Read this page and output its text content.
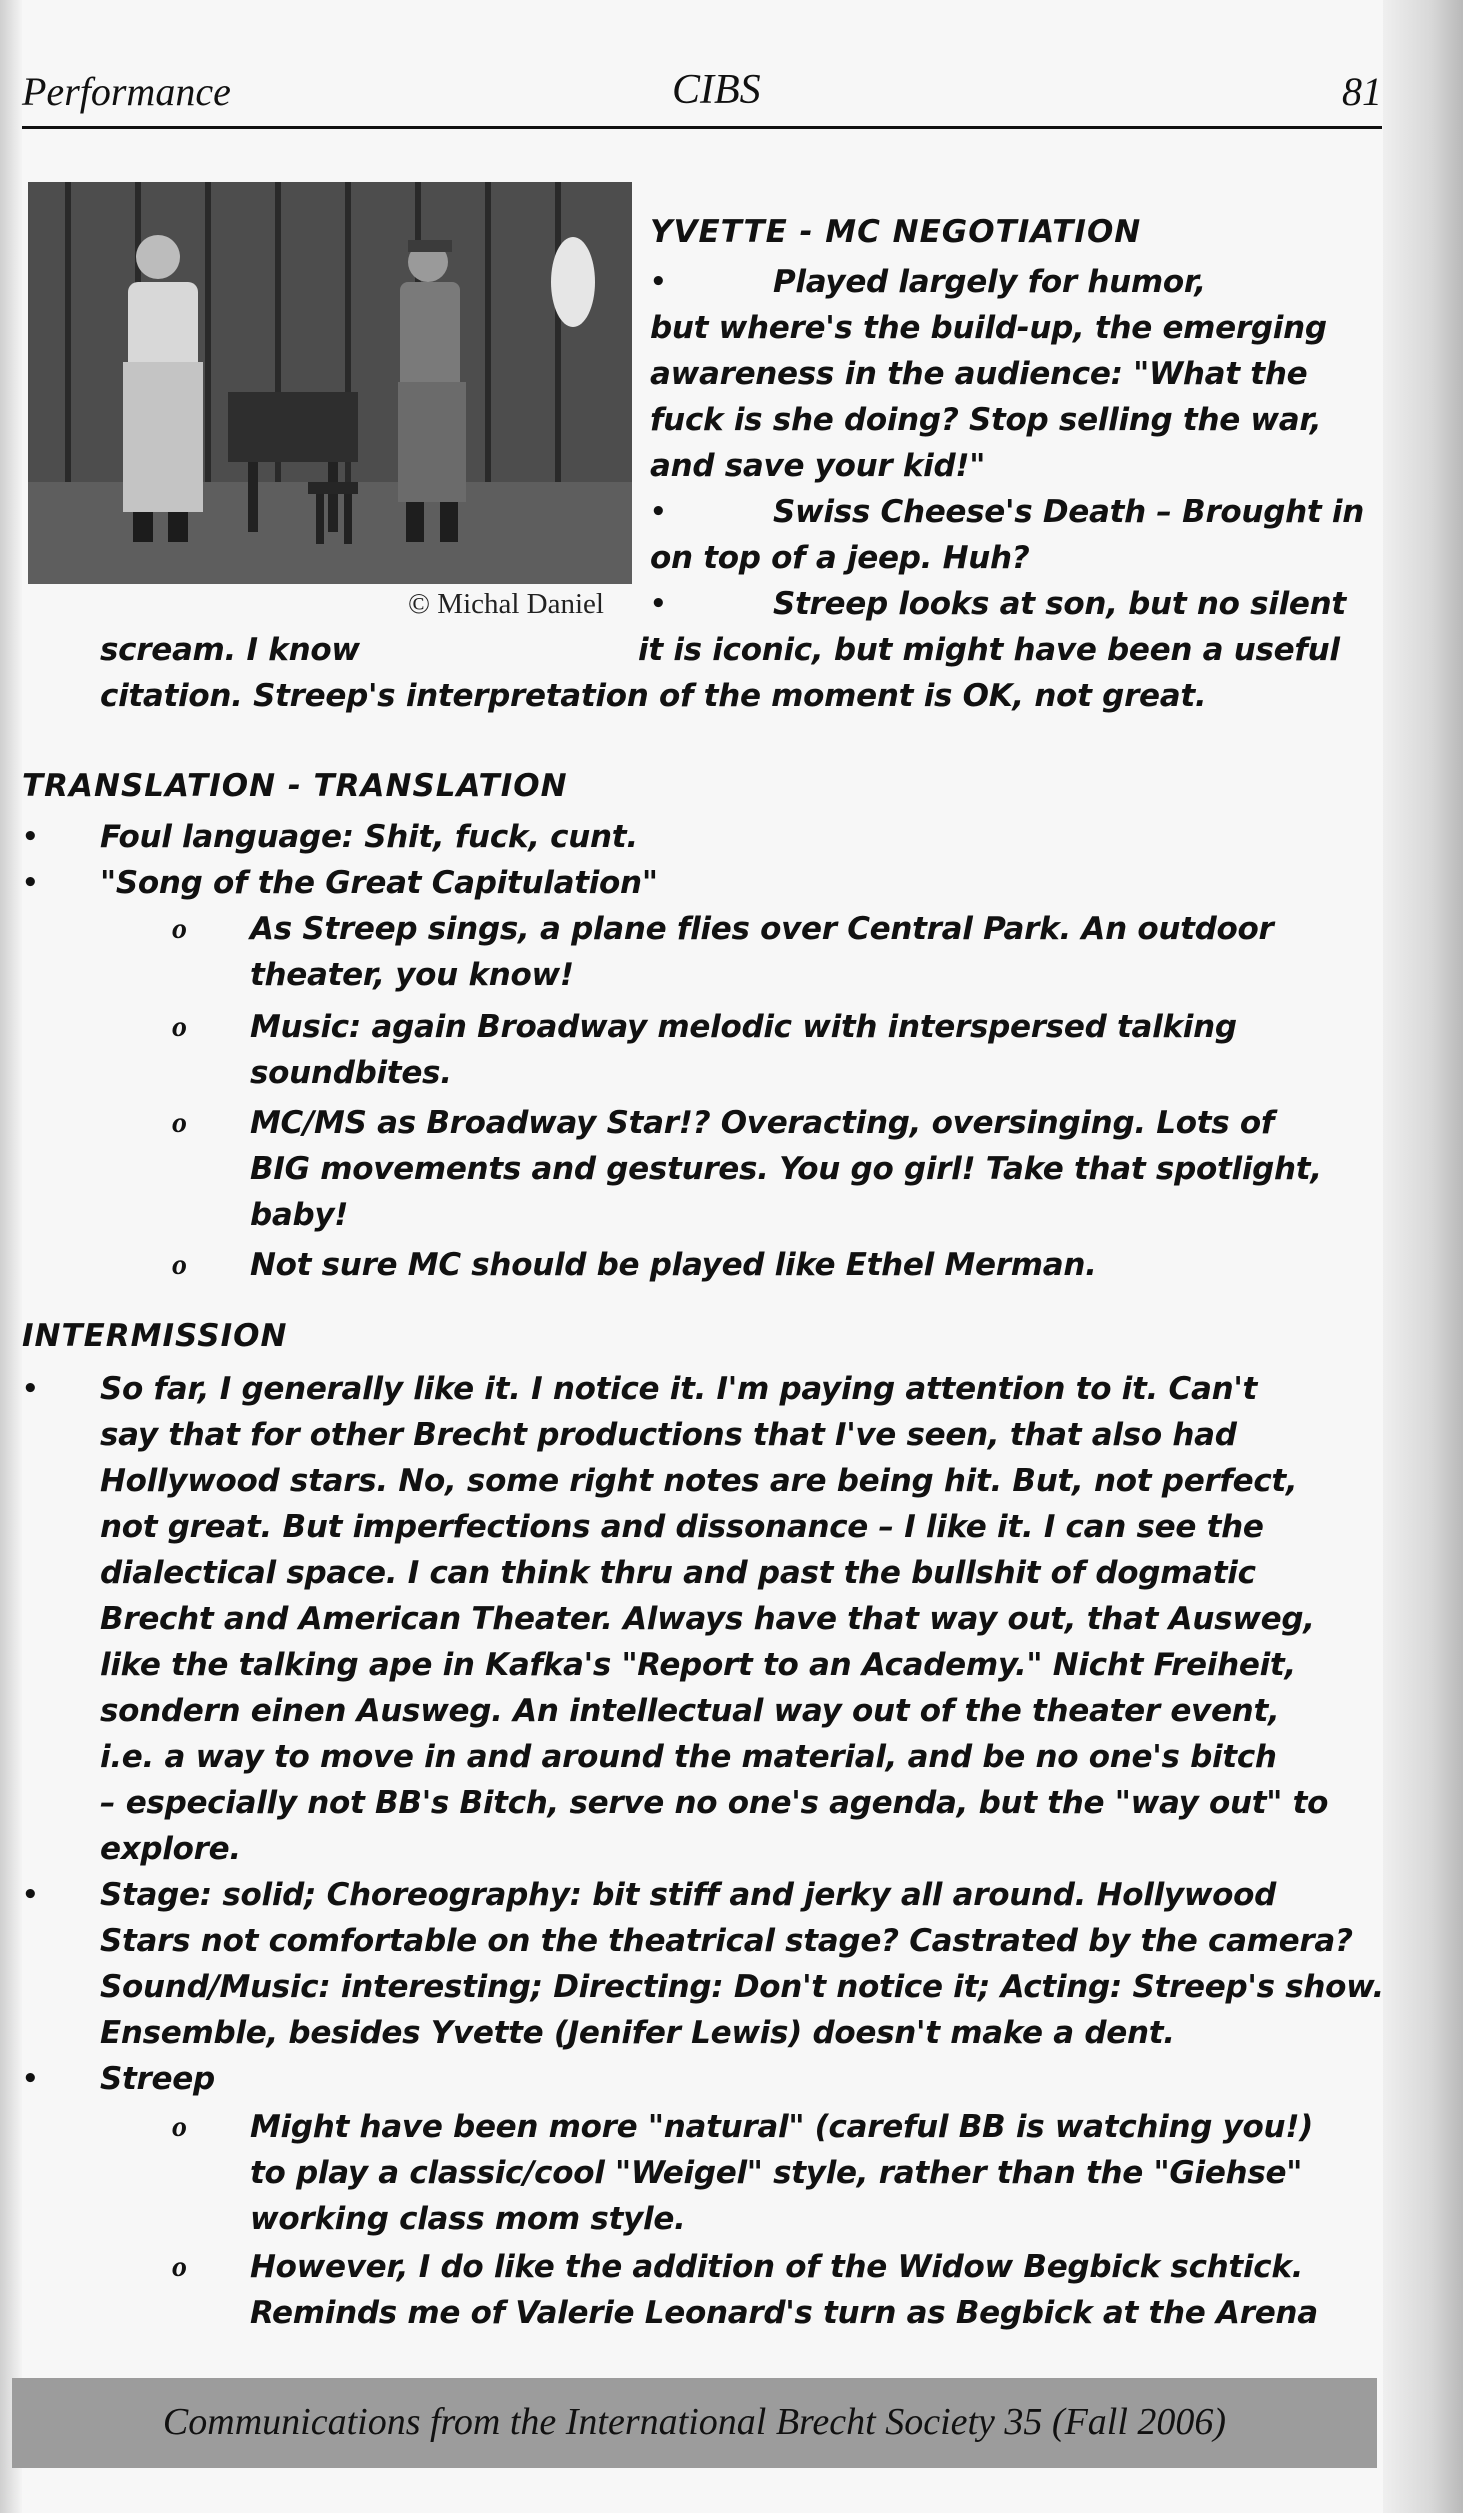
Performance	CIBS	81
© Michal Daniel
YVETTE - MC NEGOTIATION
•	Played largely for humor,
but where's the build-up, the emerging
awareness in the audience: "What the
fuck is she doing? Stop selling the war,
and save your kid!"
•	Swiss Cheese's Death – Brought in
on top of a jeep. Huh?
•	Streep looks at son, but no silent
scream. I know	it is iconic, but might have been a useful
citation. Streep's interpretation of the moment is OK, not great.
TRANSLATION - TRANSLATION
• Foul language: Shit, fuck, cunt.
• "Song of the Great Capitulation"
o As Streep sings, a plane flies over Central Park. An outdoor
theater, you know!
o Music: again Broadway melodic with interspersed talking
soundbites.
o MC/MS as Broadway Star!? Overacting, oversinging. Lots of
BIG movements and gestures. You go girl! Take that spotlight,
baby!
o Not sure MC should be played like Ethel Merman.
INTERMISSION
• So far, I generally like it. I notice it. I'm paying attention to it. Can't
say that for other Brecht productions that I've seen, that also had
Hollywood stars. No, some right notes are being hit. But, not perfect,
not great. But imperfections and dissonance – I like it. I can see the
dialectical space. I can think thru and past the bullshit of dogmatic
Brecht and American Theater. Always have that way out, that Ausweg,
like the talking ape in Kafka's "Report to an Academy." Nicht Freiheit,
sondern einen Ausweg. An intellectual way out of the theater event,
i.e. a way to move in and around the material, and be no one's bitch
– especially not BB's Bitch, serve no one's agenda, but the "way out" to
explore.
• Stage: solid; Choreography: bit stiff and jerky all around. Hollywood
Stars not comfortable on the theatrical stage? Castrated by the camera?
Sound/Music: interesting; Directing: Don't notice it; Acting: Streep's show.
Ensemble, besides Yvette (Jenifer Lewis) doesn't make a dent.
• Streep
o Might have been more "natural" (careful BB is watching you!)
to play a classic/cool "Weigel" style, rather than the "Giehse"
working class mom style.
o However, I do like the addition of the Widow Begbick schtick.
Reminds me of Valerie Leonard's turn as Begbick at the Arena
Communications from the International Brecht Society 35 (Fall 2006)
